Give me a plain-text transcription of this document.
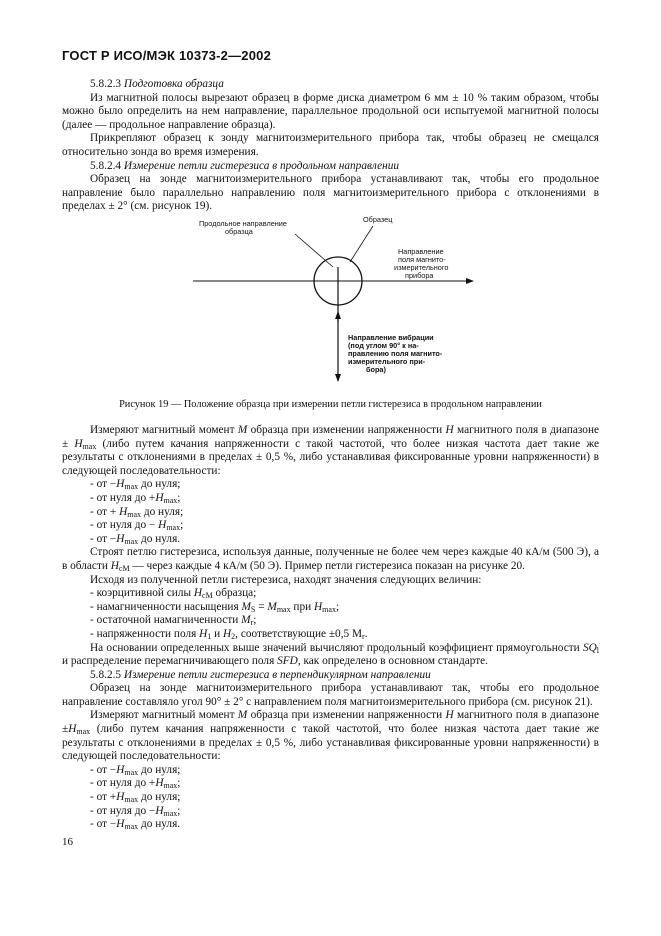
ГОСТ Р ИСО/МЭК 10373-2—2002

5.8.2.3 Подготовка образца

Из магнитной полосы вырезают образец в форме диска диаметром 6 мм ± 10 % таким образом, чтобы можно было определить на нем направление, параллельное продольной оси испытуемой магнитной полосы (далее — продольное направление образца).

Прикрепляют образец к зонду магнитоизмерительного прибора так, чтобы образец не смещался относительно зонда во время измерения.

5.8.2.4 Измерение петли гистерезиса в продольном направлении

Образец на зонде магнитоизмерительного прибора устанавливают так, чтобы его продольное направление было параллельно направлению поля магнитоизмерительного прибора с отклонениями в пределах ± 2° (см. рисунок 19).

Продольное направление
образца
Образец
Направление
поля магнито-
измерительного
прибора
Направление вибрации
(под углом 90° к на-
правлению поля магнито-
измерительного при-
бора)

Рисунок 19 — Положение образца при измерении петли гистерезиса в продольном направлении

Измеряют магнитный момент M образца при изменении напряженности H магнитного поля в диапазоне ± $H_{max}$ (либо путем качания напряженности с такой частотой, что более низкая частота дает такие же результаты с отклонениями в пределах ± 0,5 %, либо устанавливая фиксированные уровни напряженности) в следующей последовательности:

- от $-H_{max}$ до нуля;
- от нуля до $+H_{max}$;
- от + $H_{max}$ до нуля;
- от нуля до − $H_{max}$;
- от $-H_{max}$ до нуля.

Строят петлю гистерезиса, используя данные, полученные не более чем через каждые 40 кА/м (500 Э), а в области $H_{сМ}$ — через каждые 4 кА/м (50 Э). Пример петли гистерезиса показан на рисунке 20.

Исходя из полученной петли гистерезиса, находят значения следующих величин:

- коэрцитивной силы $H_{сМ}$ образца;
- намагниченности насыщения $M_S = M_{max}$ при $H_{max}$;
- остаточной намагниченности $M_r$;
- напряженности поля $H_1$ и $H_2$, соответствующие ±0,5 $M_r$.

На основании определенных выше значений вычисляют продольный коэффициент прямоугольности $SQ_l$ и распределение перемагничивающего поля SFD, как определено в основном стандарте.

5.8.2.5 Измерение петли гистерезиса в перпендикулярном направлении

Образец на зонде магнитоизмерительного прибора устанавливают так, чтобы его продольное направление составляло угол 90° ± 2° с направлением поля магнитоизмерительного прибора (см. рисунок 21).

Измеряют магнитный момент M образца при изменении напряженности H магнитного поля в диапазоне $\pm H_{max}$ (либо путем качания напряженности с такой частотой, что более низкая частота дает такие же результаты с отклонениями в пределах ± 0,5 %, либо устанавливая фиксированные уровни напряженности) в следующей последовательности:

- от $-H_{max}$ до нуля;
- от нуля до $+H_{max}$;
- от $+H_{max}$ до нуля;
- от нуля до $-H_{max}$;
- от $-H_{max}$ до нуля.
16
